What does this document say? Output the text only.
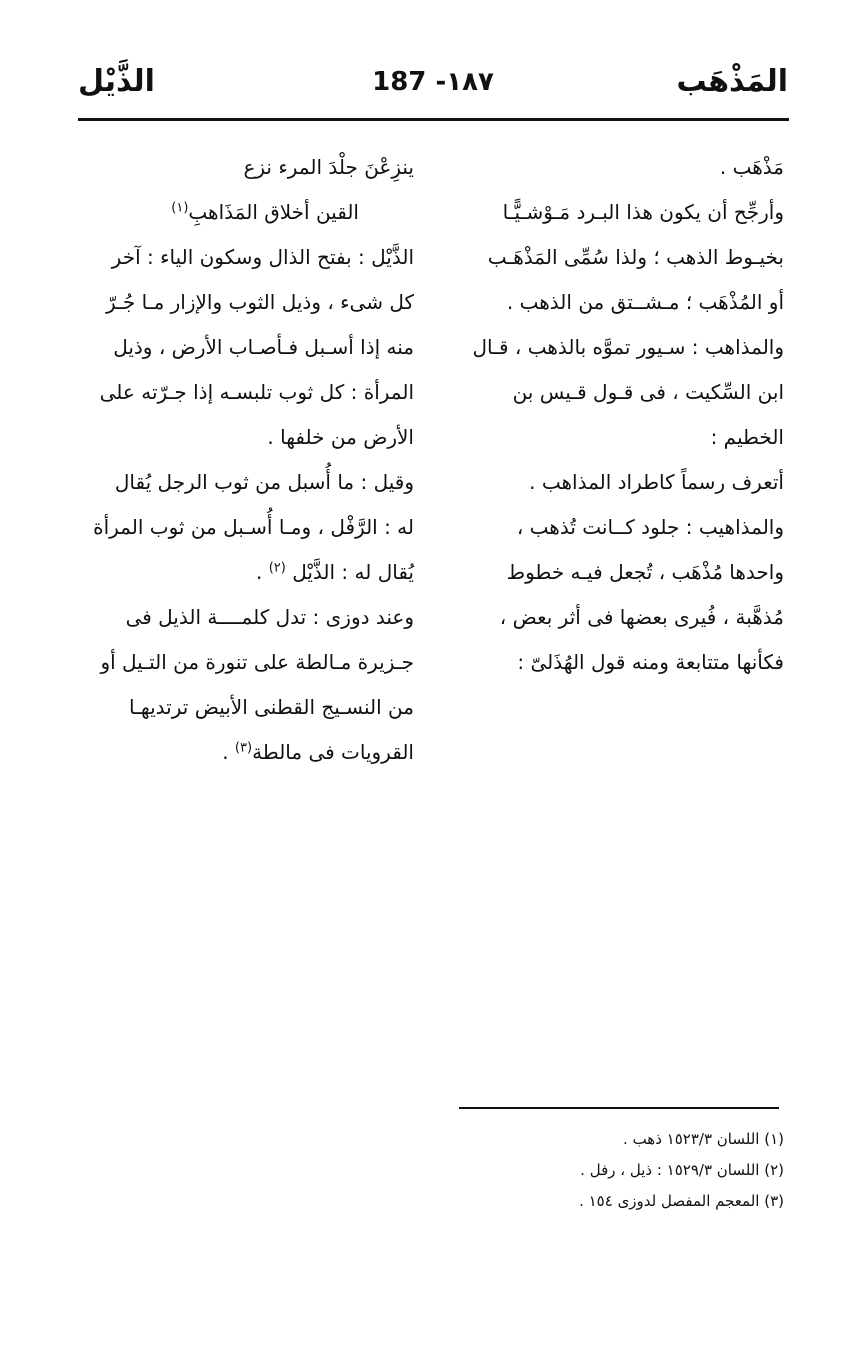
المَذْهَب
187 -١٨٧
الذَّيْل

مَذْهَب .

وأرجِّح أن يكون هذا البـرد مَـوْشـيًّـا

بخيـوط الذهب ؛ ولذا سُمِّى المَذْهَـب

أو المُذْهَب ؛ مـشــتق من الذهب .

والمذاهب : سـيور تموَّه بالذهب ، قـال

ابن السِّكيت ، فى قـول قـيس بن

الخطيم :

أتعرف رسماً كاطراد المذاهب .

والمذاهيب : جلود كــانت تُذهب ،

واحدها مُذْهَب ، تُجعل فيـه خطوط

مُذهَّبة ، فُيرى بعضها فى أثر بعض ،

فكأنها متتابعة ومنه قول الهُذَلىّ :

ينزِعْنَ جلْدَ المرء نزع

القين أخلاق المَذَاهبِ$^{(١)}$

الذَّيْل : بفتح الذال وسكون الياء : آخر

كل شىء ، وذيل الثوب والإزار مـا جُـرّ

منه إذا أسـبل فـأصـاب الأرض ، وذيل

المرأة : كل ثوب تلبسـه إذا جـرّته على

الأرض من خلفها .

وقيل : ما أُسبل من ثوب الرجل يُقال

له : الرَّفْل ، ومـا أُسـبل من ثوب المرأة

يُقال له : الذَّيْل $^{(٢)}$ .

وعند دوزى : تدل كلمــــة الذيل فى

جـزيرة مـالطة على تنورة من التـيل أو

من النسـيج القطنى الأبيض ترتديهـا

القرويات فى مالطة$^{(٣)}$ .

(١) اللسان ١٥٢٣/٣ ذهب .
(٢) اللسان ١٥٢٩/٣ : ذيل ، رفل .
(٣) المعجم المفصل لدوزى ١٥٤ .
